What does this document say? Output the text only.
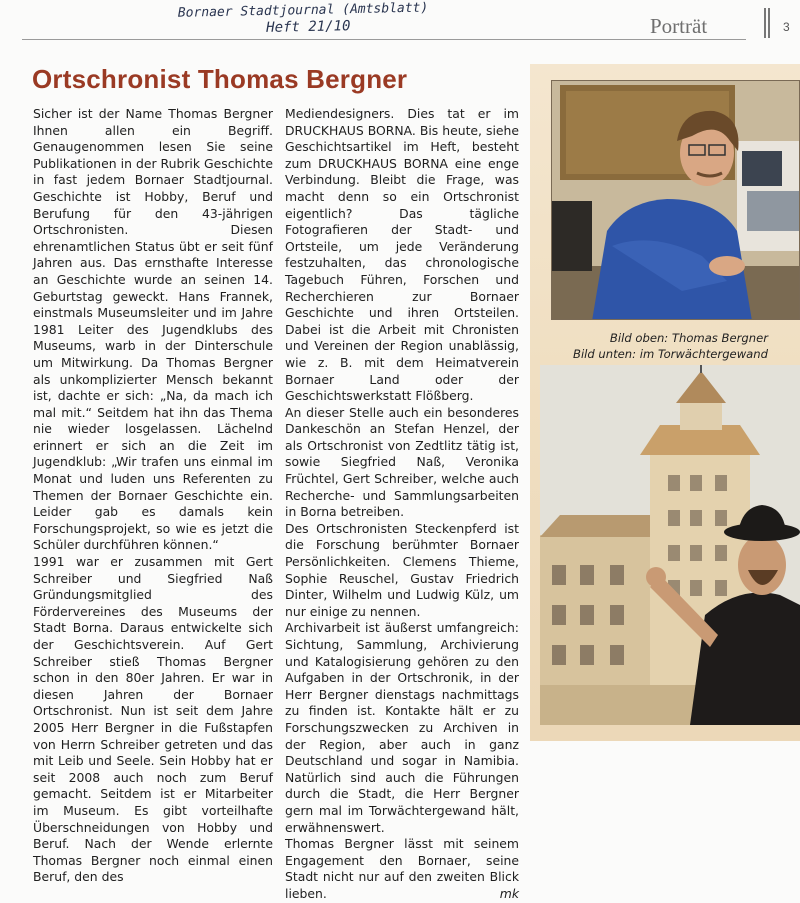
Bornaer Stadtjournal (Amtsblatt)
Heft 21/10	Porträt	3
Ortschronist Thomas Bergner

Sicher ist der Name Thomas Bergner Ihnen allen ein Begriff. Genaugenommen lesen Sie seine Publikationen in der Rubrik Geschichte in fast jedem Bornaer Stadtjournal. Geschichte ist Hobby, Beruf und Berufung für den 43-jährigen Ortschronisten. Diesen ehrenamtlichen Status übt er seit fünf Jahren aus. Das ernsthafte Interesse an Geschichte wurde an seinen 14. Geburtstag geweckt. Hans Frannek, einstmals Museumsleiter und im Jahre 1981 Leiter des Jugendklubs des Museums, warb in der Dinterschule um Mitwirkung. Da Thomas Bergner als unkomplizierter Mensch bekannt ist, dachte er sich: „Na, da mach ich mal mit.“ Seitdem hat ihn das Thema nie wieder losgelassen. Lächelnd erinnert er sich an die Zeit im Jugendklub: „Wir trafen uns einmal im Monat und luden uns Referenten zu Themen der Bornaer Geschichte ein. Leider gab es damals kein Forschungsprojekt, so wie es jetzt die Schüler durchführen können.“

1991 war er zusammen mit Gert Schreiber und Siegfried Naß Gründungsmitglied des Fördervereines des Museums der Stadt Borna. Daraus entwickelte sich der Geschichtsverein. Auf Gert Schreiber stieß Thomas Bergner schon in den 80er Jahren. Er war in diesen Jahren der Bornaer Ortschronist. Nun ist seit dem Jahre 2005 Herr Bergner in die Fußstapfen von Herrn Schreiber getreten und das mit Leib und Seele. Sein Hobby hat er seit 2008 auch noch zum Beruf gemacht. Seitdem ist er Mitarbeiter im Museum. Es gibt vorteilhafte Überschneidungen von Hobby und Beruf. Nach der Wende erlernte Thomas Bergner noch einmal einen Beruf, den des

Mediendesigners. Dies tat er im DRUCKHAUS BORNA. Bis heute, siehe Geschichtsartikel im Heft, besteht zum DRUCKHAUS BORNA eine enge Verbindung. Bleibt die Frage, was macht denn so ein Ortschronist eigentlich? Das tägliche Fotografieren der Stadt- und Ortsteile, um jede Veränderung festzuhalten, das chronologische Tagebuch Führen, Forschen und Recherchieren zur Bornaer Geschichte und ihren Ortsteilen. Dabei ist die Arbeit mit Chronisten und Vereinen der Region unablässig, wie z. B. mit dem Heimatverein Bornaer Land oder der Geschichtswerkstatt Flößberg.

An dieser Stelle auch ein besonderes Dankeschön an Stefan Henzel, der als Ortschronist von Zedtlitz tätig ist, sowie Siegfried Naß, Veronika Früchtel, Gert Schreiber, welche auch Recherche- und Sammlungsarbeiten in Borna betreiben.

Des Ortschronisten Steckenpferd ist die Forschung berühmter Bornaer Persönlichkeiten. Clemens Thieme, Sophie Reuschel, Gustav Friedrich Dinter, Wilhelm und Ludwig Külz, um nur einige zu nennen.

Archivarbeit ist äußerst umfangreich: Sichtung, Sammlung, Archivierung und Katalogisierung gehören zu den Aufgaben in der Ortschronik, in der Herr Bergner dienstags nachmittags zu finden ist. Kontakte hält er zu Forschungszwecken zu Archiven in der Region, aber auch in ganz Deutschland und sogar in Namibia. Natürlich sind auch die Führungen durch die Stadt, die Herr Bergner gern mal im Torwächtergewand hält, erwähnenswert.

Thomas Bergner lässt mit seinem Engagement den Bornaer, seine Stadt nicht nur auf den zweiten Blick lieben.	mk

Bild oben: Thomas Bergner
Bild unten: im Torwächtergewand
